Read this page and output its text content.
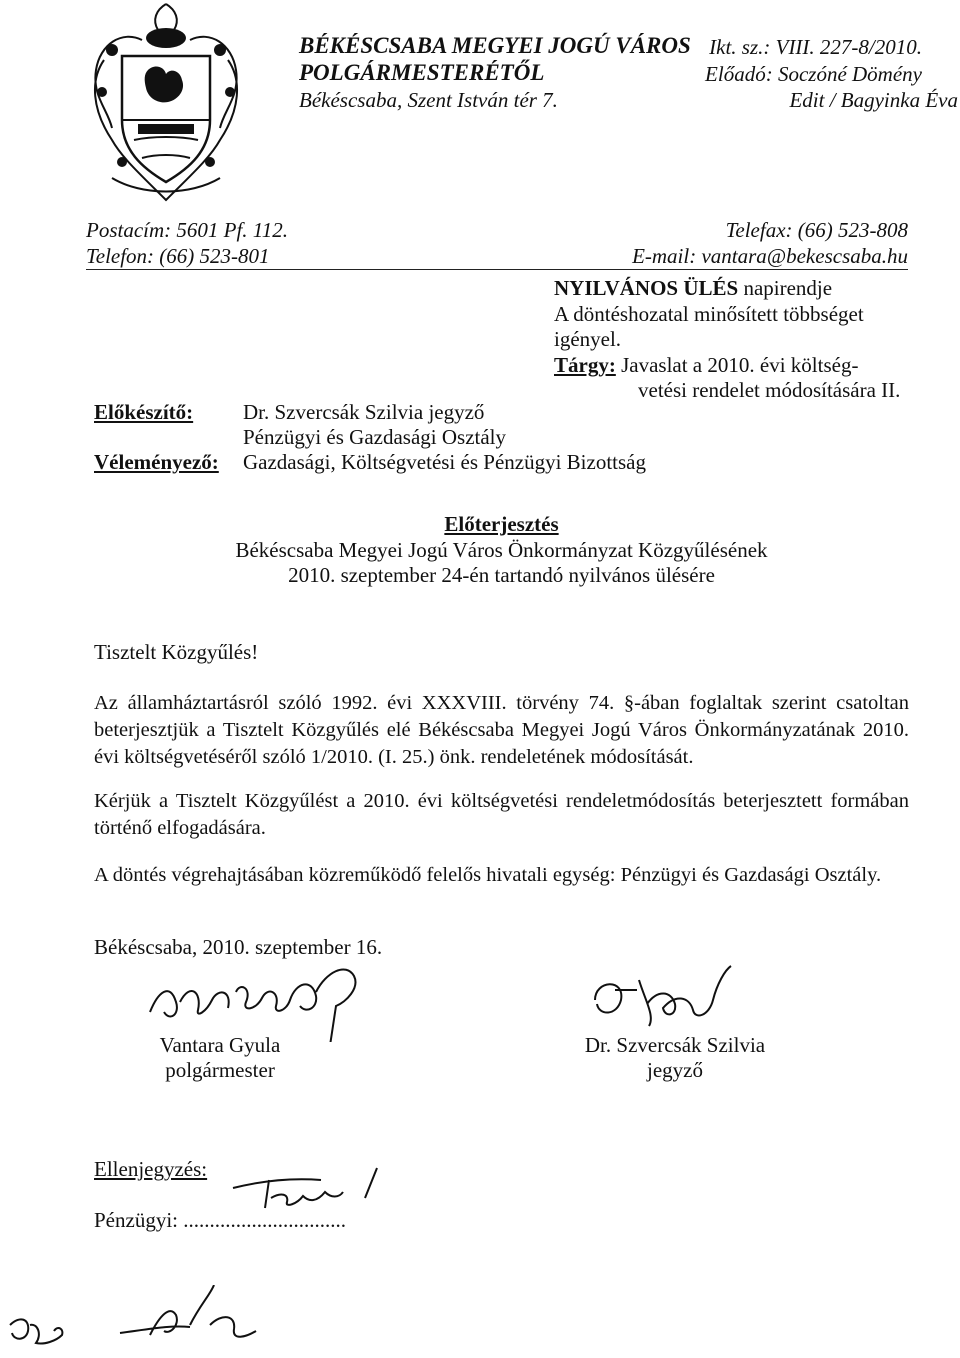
BÉKÉSCSABA MEGYEI JOGÚ VÁROS
POLGÁRMESTERÉTŐL
Békéscsaba, Szent István tér 7.
Ikt. sz.: VIII. 227-8/2010.
Előadó: Soczóné Dömény
Edit / Bagyinka Éva
Postacím: 5601 Pf. 112.
Telefon: (66) 523-801
Telefax: (66) 523-808
E-mail: vantara@bekescsaba.hu
NYILVÁNOS ÜLÉS napirendje
A döntéshozatal minősített többséget
igényel.
Tárgy: Javaslat a 2010. évi költség-
vetési rendelet módosítására II.
Előkészítő: Dr. Szvercsák Szilvia jegyző
Pénzügyi és Gazdasági Osztály
Véleményező: Gazdasági, Költségvetési és Pénzügyi Bizottság
Előterjesztés
Békéscsaba Megyei Jogú Város Önkormányzat Közgyűlésének
2010. szeptember 24-én tartandó nyilvános ülésére
Tisztelt Közgyűlés!
Az államháztartásról szóló 1992. évi XXXVIII. törvény 74. §-ában foglaltak szerint csatoltan beterjesztjük a Tisztelt Közgyűlés elé Békéscsaba Megyei Jogú Város Önkormányzatának 2010. évi költségvetéséről szóló 1/2010. (I. 25.) önk. rendeletének módosítását.
Kérjük a Tisztelt Közgyűlést a 2010. évi költségvetési rendeletmódosítás beterjesztett formában történő elfogadására.
A döntés végrehajtásában közreműködő felelős hivatali egység: Pénzügyi és Gazdasági Osztály.
Békéscsaba, 2010. szeptember 16.
Vantara Gyula
polgármester
Dr. Szvercsák Szilvia
jegyző
Ellenjegyzés:
Pénzügyi: ...............................
